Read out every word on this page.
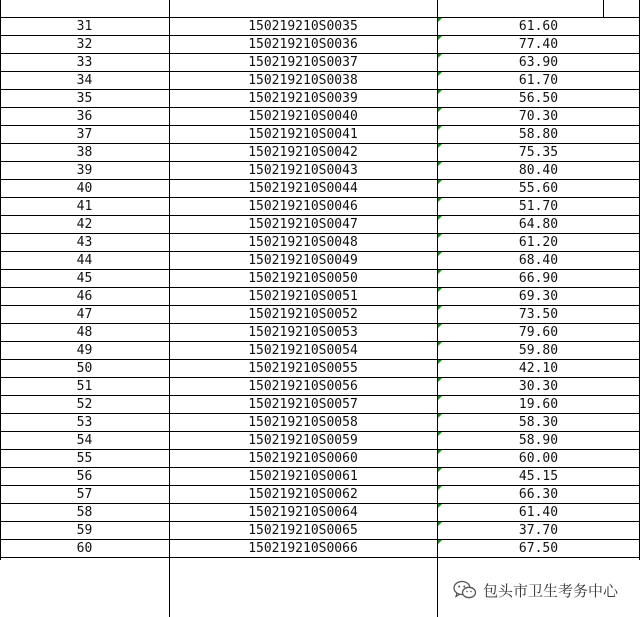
31	150219210S0035	61.60
32	150219210S0036	77.40
33	150219210S0037	63.90
34	150219210S0038	61.70
35	150219210S0039	56.50
36	150219210S0040	70.30
37	150219210S0041	58.80
38	150219210S0042	75.35
39	150219210S0043	80.40
40	150219210S0044	55.60
41	150219210S0046	51.70
42	150219210S0047	64.80
43	150219210S0048	61.20
44	150219210S0049	68.40
45	150219210S0050	66.90
46	150219210S0051	69.30
47	150219210S0052	73.50
48	150219210S0053	79.60
49	150219210S0054	59.80
50	150219210S0055	42.10
51	150219210S0056	30.30
52	150219210S0057	19.60
53	150219210S0058	58.30
54	150219210S0059	58.90
55	150219210S0060	60.00
56	150219210S0061	45.15
57	150219210S0062	66.30
58	150219210S0064	61.40
59	150219210S0065	37.70
60	150219210S0066	67.50
包头市卫生考务中心
